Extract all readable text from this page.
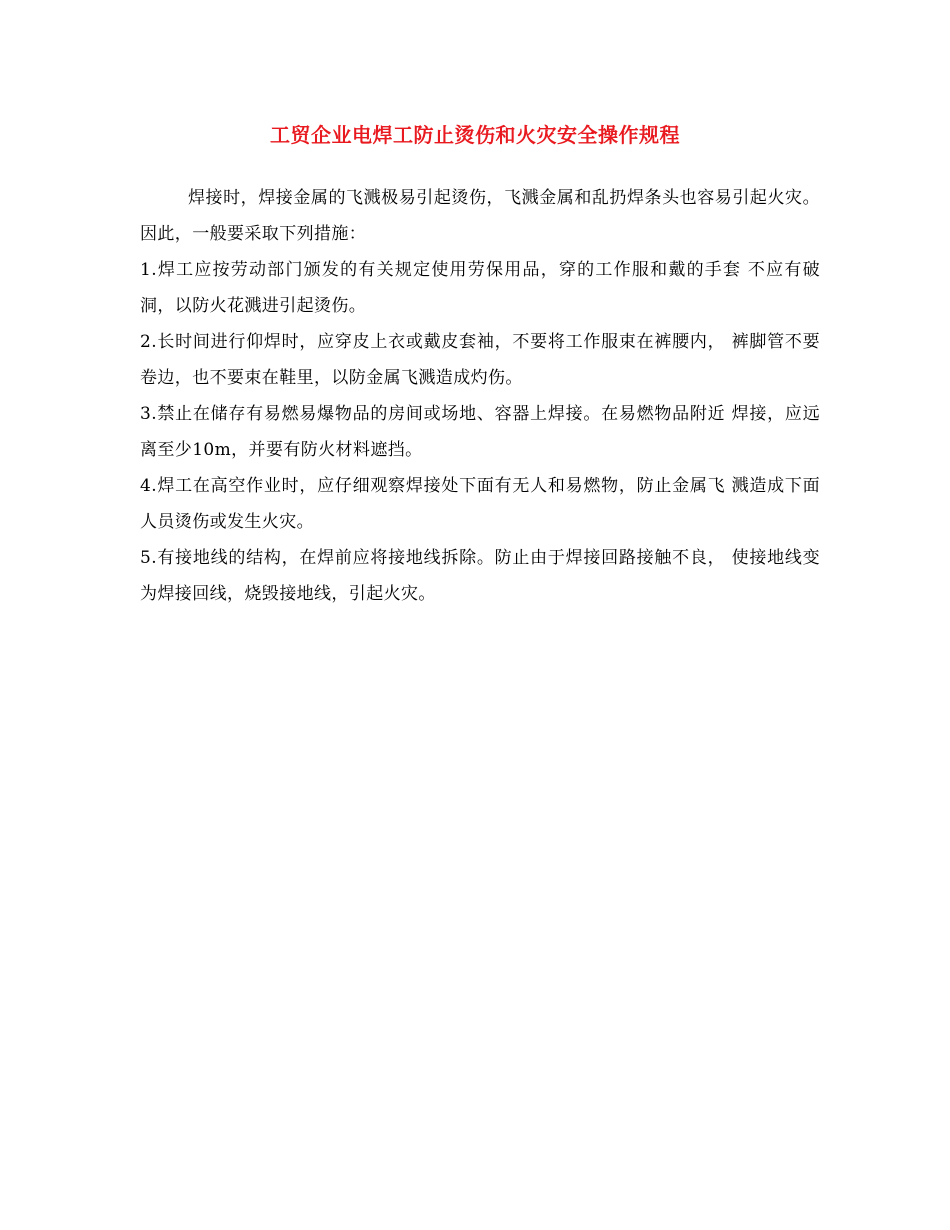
工贸企业电焊工防止烫伤和火灾安全操作规程

焊接时，焊接金属的飞溅极易引起烫伤，飞溅金属和乱扔焊条头也容易引起火灾。因此，一般要采取下列措施：

1.焊工应按劳动部门颁发的有关规定使用劳保用品，穿的工作服和戴的手套 不应有破洞，以防火花溅进引起烫伤。

2.长时间进行仰焊时，应穿皮上衣或戴皮套袖，不要将工作服束在裤腰内， 裤脚管不要卷边，也不要束在鞋里，以防金属飞溅造成灼伤。

3.禁止在储存有易燃易爆物品的房间或场地、容器上焊接。在易燃物品附近 焊接，应远离至少10m，并要有防火材料遮挡。

4.焊工在高空作业时，应仔细观察焊接处下面有无人和易燃物，防止金属飞 溅造成下面人员烫伤或发生火灾。

5.有接地线的结构，在焊前应将接地线拆除。防止由于焊接回路接触不良， 使接地线变为焊接回线，烧毁接地线，引起火灾。
